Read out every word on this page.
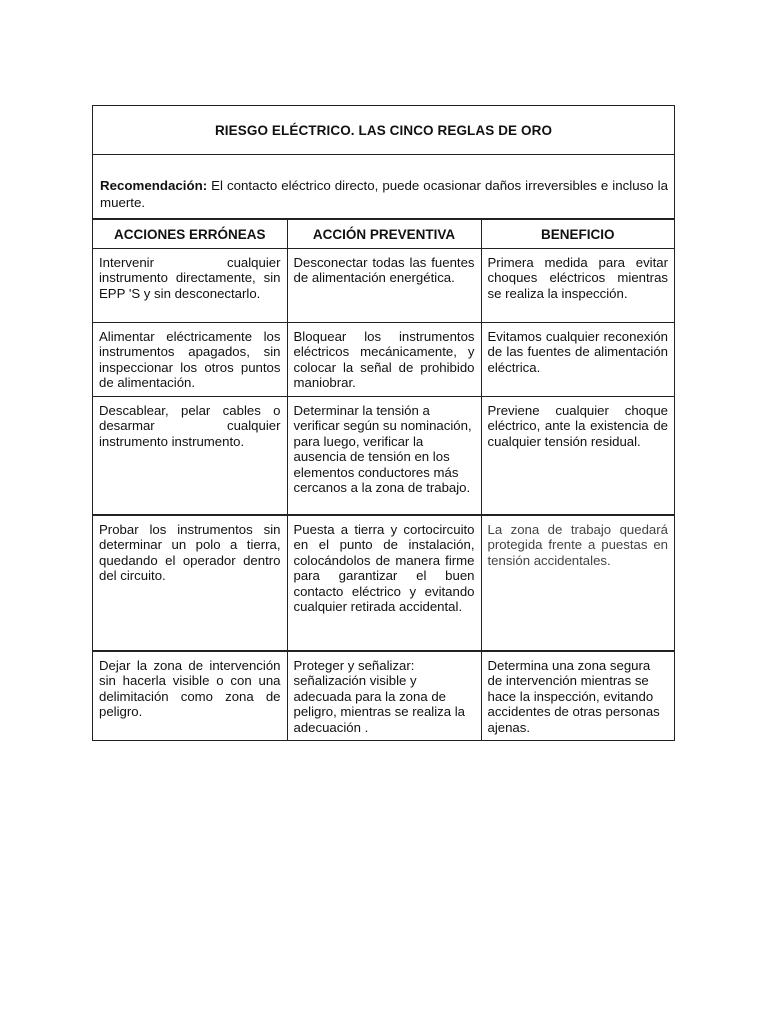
RIESGO ELÉCTRICO. LAS CINCO REGLAS DE ORO
Recomendación: El contacto eléctrico directo, puede ocasionar daños irreversibles e incluso la muerte.
ACCIONES ERRÓNEAS	ACCIÓN PREVENTIVA	BENEFICIO
Intervenir cualquier instrumento directamente, sin EPP 'S y sin desconectarlo.	Desconectar todas las fuentes de alimentación energética.	Primera medida para evitar choques eléctricos mientras se realiza la inspección.
Alimentar eléctricamente los instrumentos apagados, sin inspeccionar los otros puntos de alimentación.	Bloquear los instrumentos eléctricos mecánicamente, y colocar la señal de prohibido maniobrar.	Evitamos cualquier reconexión de las fuentes de alimentación eléctrica.
Descablear, pelar cables o desarmar cualquier instrumento instrumento.	Determinar la tensión a verificar según su nominación, para luego, verificar la ausencia de tensión en los elementos conductores más cercanos a la zona de trabajo.	Previene cualquier choque eléctrico, ante la existencia de cualquier tensión residual.
Probar los instrumentos sin determinar un polo a tierra, quedando el operador dentro del circuito.	Puesta a tierra y cortocircuito en el punto de instalación, colocándolos de manera firme para garantizar el buen contacto eléctrico y evitando cualquier retirada accidental.	La zona de trabajo quedará protegida frente a puestas en tensión accidentales.
Dejar la zona de intervención sin hacerla visible o con una delimitación como zona de peligro.	Proteger y señalizar: señalización visible y adecuada para la zona de peligro, mientras se realiza la adecuación .	Determina una zona segura de intervención mientras se hace la inspección, evitando accidentes de otras personas ajenas.
